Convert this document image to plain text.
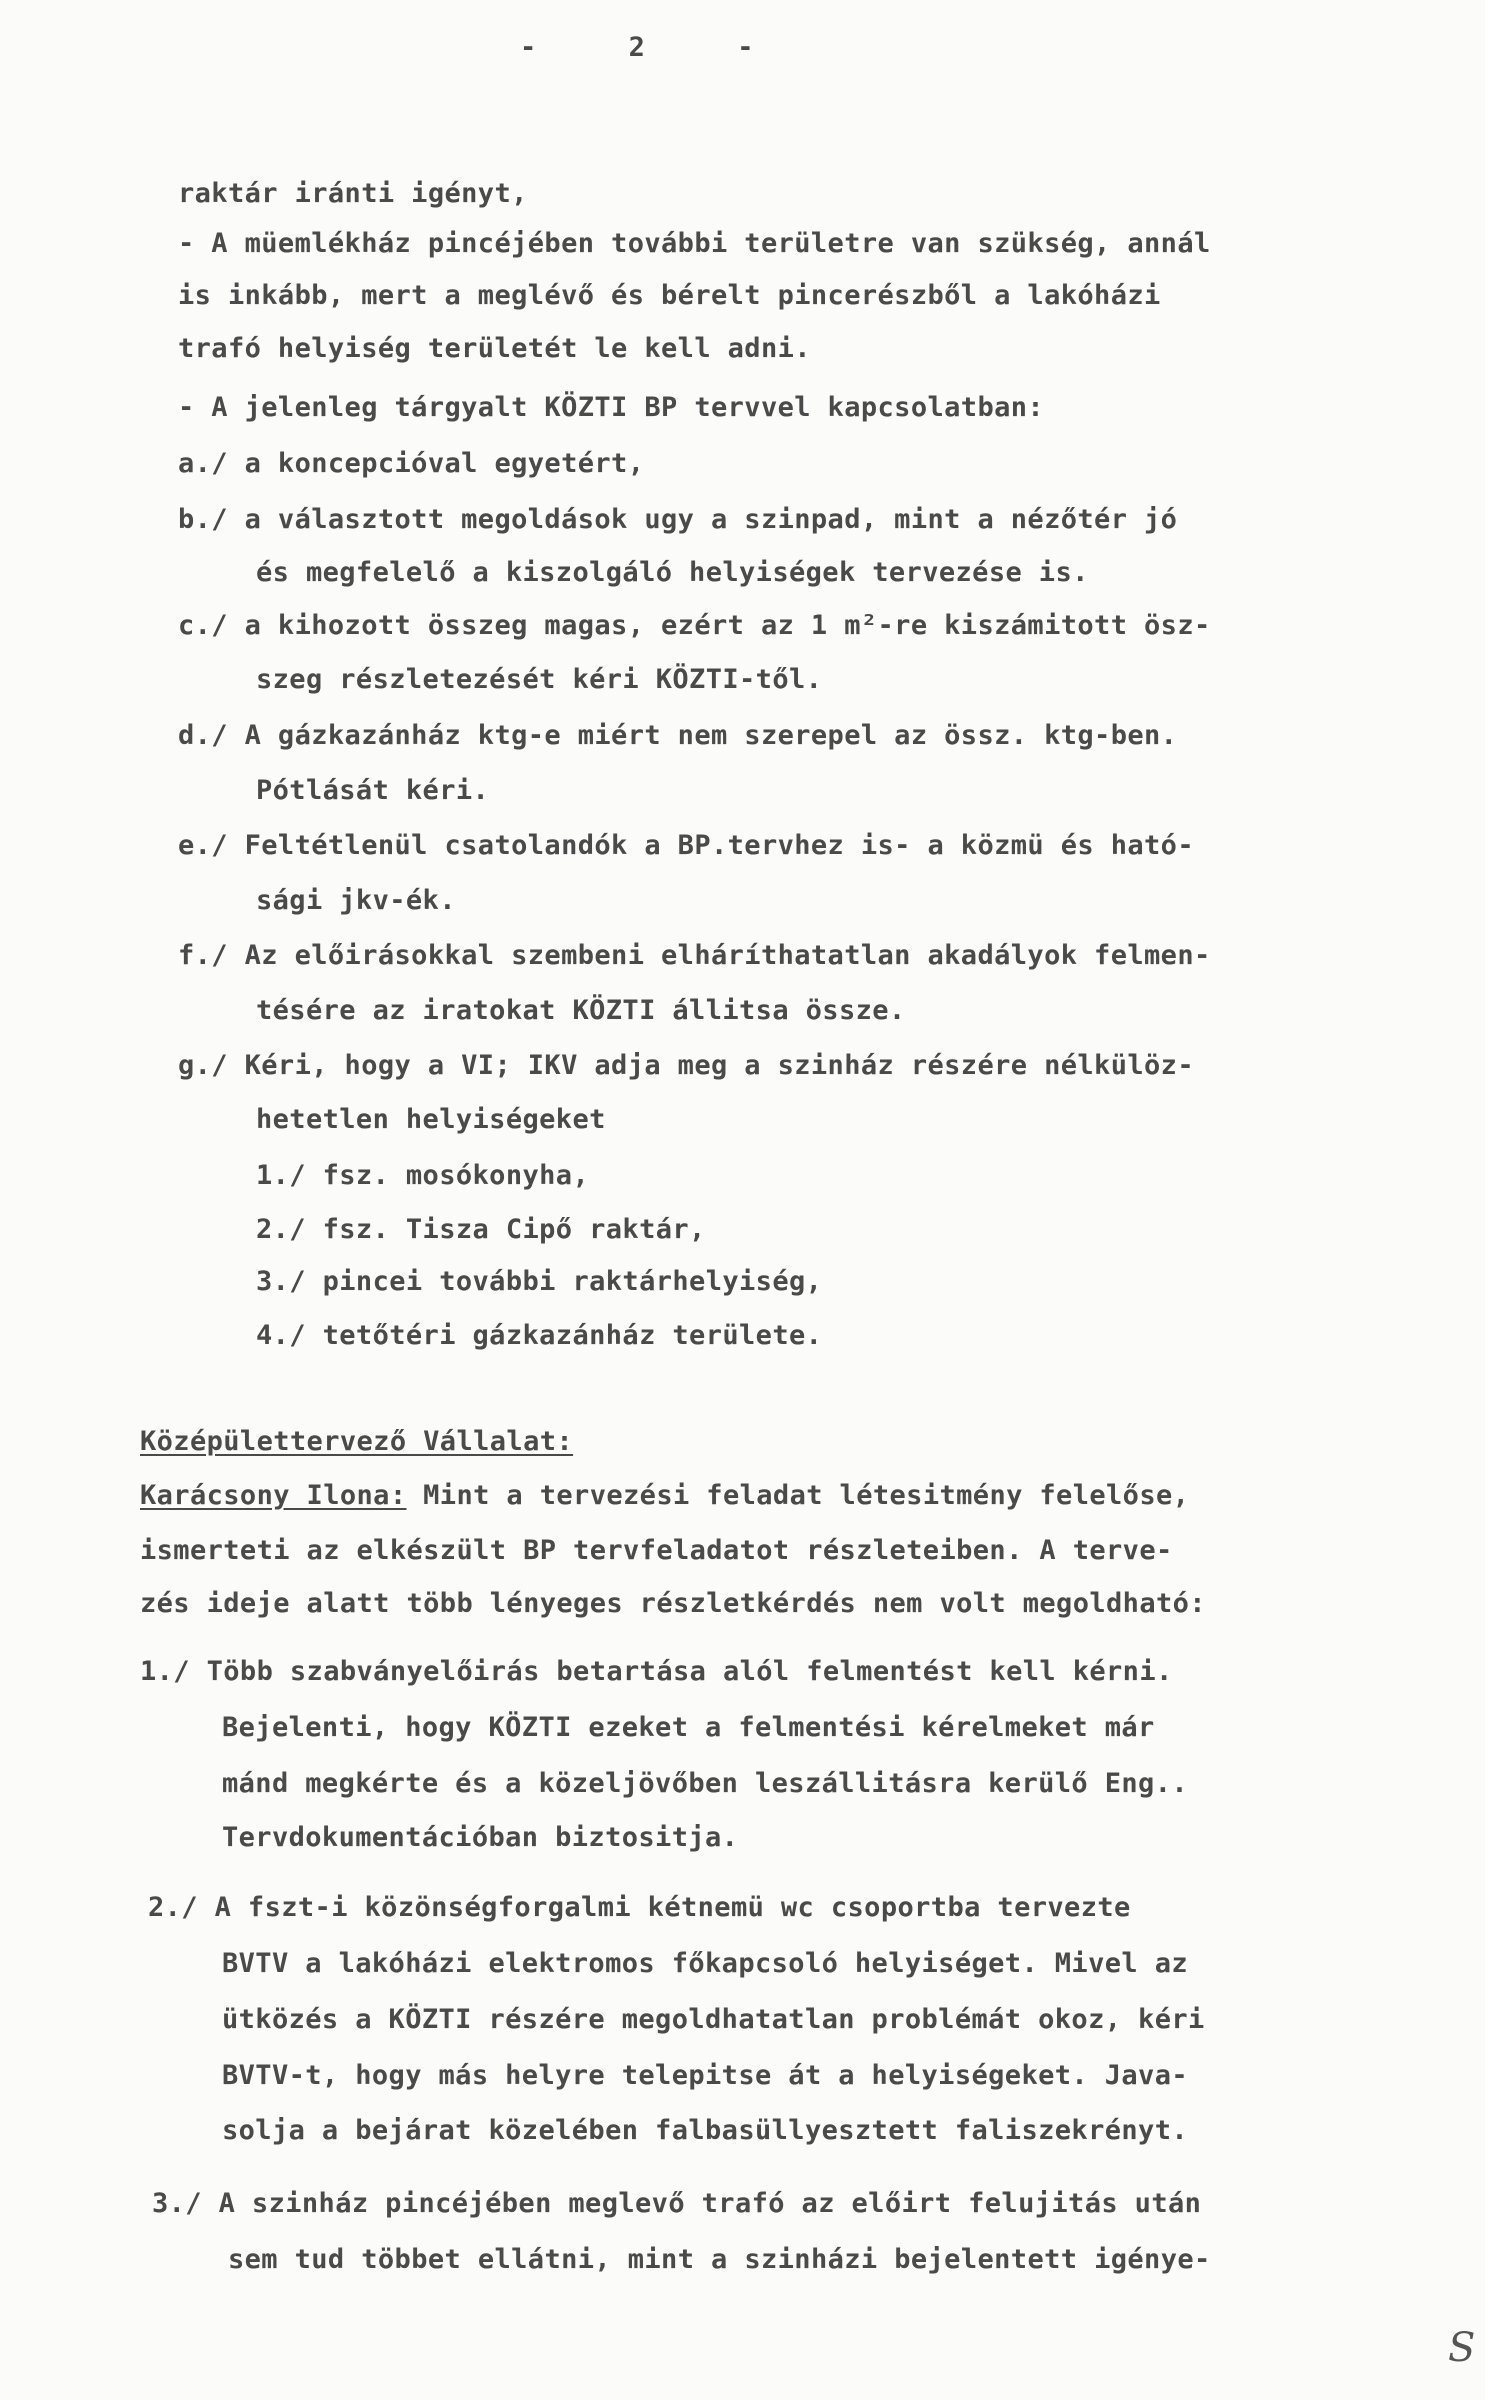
-   2   -
raktár iránti igényt,
- A müemlékház pincéjében további területre van szükség, annál
is inkább, mert a meglévő és bérelt pincerészből a lakóházi
trafó helyiség területét le kell adni.
- A jelenleg tárgyalt KÖZTI BP tervvel kapcsolatban:
a./ a koncepcióval egyetért,
b./ a választott megoldások ugy a szinpad, mint a nézőtér jó
és megfelelő a kiszolgáló helyiségek tervezése is.
c./ a kihozott összeg magas, ezért az 1 m²-re kiszámitott ösz-
szeg részletezését kéri KÖZTI-től.
d./ A gázkazánház ktg-e miért nem szerepel az össz. ktg-ben.
Pótlását kéri.
e./ Feltétlenül csatolandók a BP.tervhez is- a közmü és ható-
sági jkv-ék.
f./ Az előirásokkal szembeni elháríthatatlan akadályok felmen-
tésére az iratokat KÖZTI állitsa össze.
g./ Kéri, hogy a VI; IKV adja meg a szinház részére nélkülöz-
hetetlen helyiségeket
1./ fsz. mosókonyha,
2./ fsz. Tisza Cipő raktár,
3./ pincei további raktárhelyiség,
4./ tetőtéri gázkazánház területe.
Középülettervező Vállalat:
Karácsony Ilona: Mint a tervezési feladat létesitmény felelőse,
ismerteti az elkészült BP tervfeladatot részleteiben. A terve-
zés ideje alatt több lényeges részletkérdés nem volt megoldható:
1./ Több szabványelőirás betartása alól felmentést kell kérni.
Bejelenti, hogy KÖZTI ezeket a felmentési kérelmeket már
mánd megkérte és a közeljövőben leszállitásra kerülő Eng..
Tervdokumentációban biztositja.
2./ A fszt-i közönségforgalmi kétnemü wc csoportba tervezte
BVTV a lakóházi elektromos főkapcsoló helyiséget. Mivel az
ütközés a KÖZTI részére megoldhatatlan problémát okoz, kéri
BVTV-t, hogy más helyre telepitse át a helyiségeket. Java-
solja a bejárat közelében falbasüllyesztett faliszekrényt.
3./ A szinház pincéjében meglevő trafó az előirt felujitás után
sem tud többet ellátni, mint a szinházi bejelentett igénye-
S
